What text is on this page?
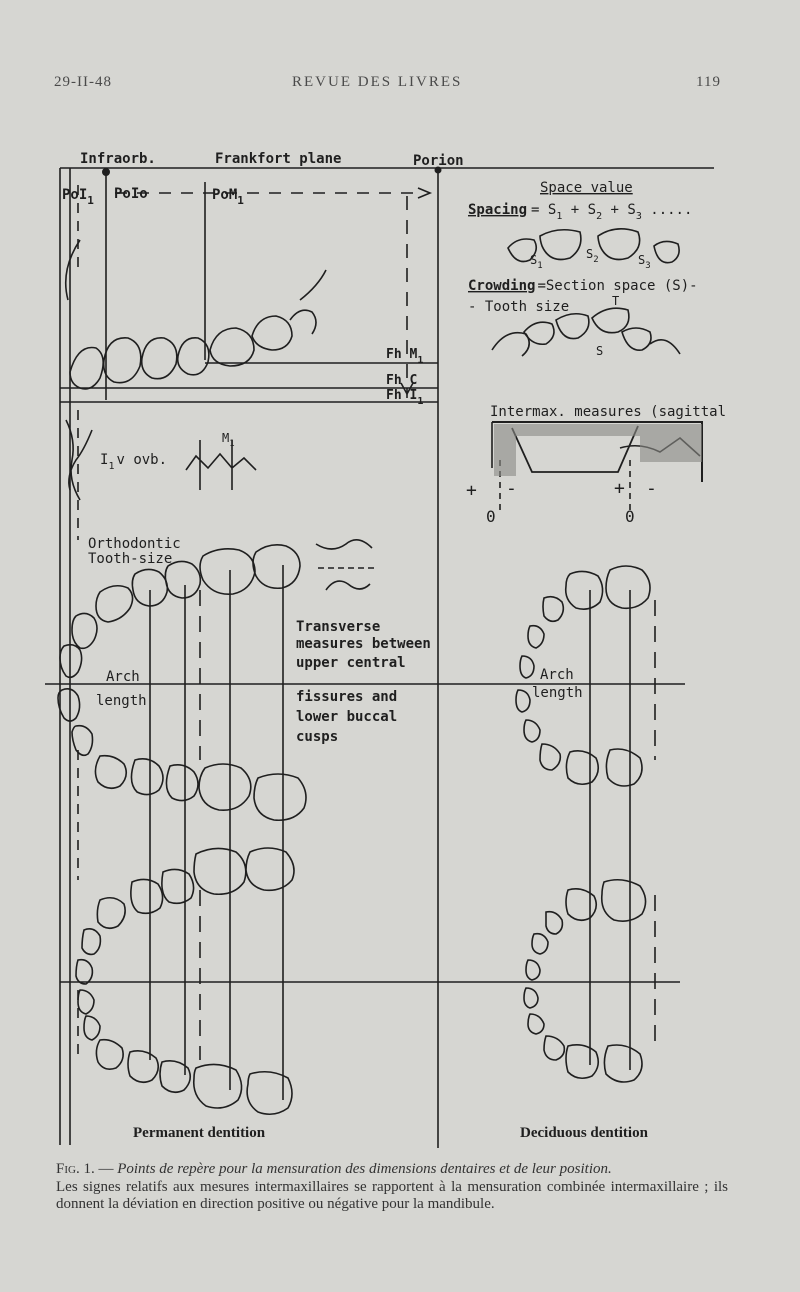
29-II-48	REVUE DES LIVRES	119
Infraorb.	Frankfort plane	Porion
PoI$_1$ PoIo	PoM$_1$
Fh $M_1$
Fh C
Fh $I_1$
Space value
Spacing = $S_1 + S_2 + S_3$ .....
$S_1$
$S_2$	$S_3$
Crowding =Section space (S)-
- Tooth size	T
S
Intermax. measures (sagittal
+ -	+ -
0	0
$I_1$ v ovb.
$M_1$
Orthodontic
Tooth-size
Arch
length
Arch
length
Transverse
measures between
upper central
fissures and
lower buccal
cusps
Permanent dentition	Deciduous dentition
Fig. 1. — Points de repère pour la mensuration des dimensions dentaires et de leur position.
Les signes relatifs aux mesures intermaxillaires se rapportent à la mensuration combinée intermaxillaire ; ils donnent la déviation en direction positive ou négative pour la mandibule.
